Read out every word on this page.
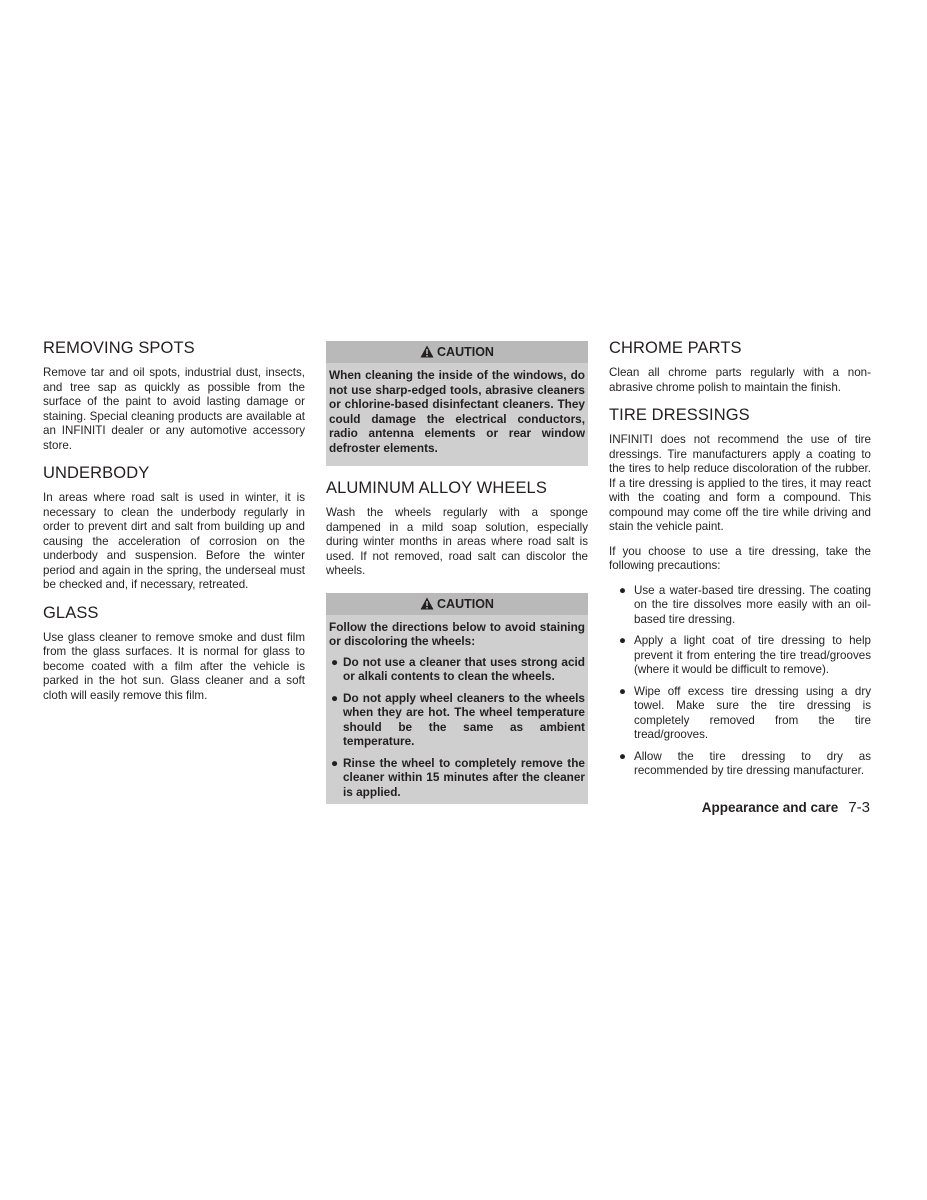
REMOVING SPOTS

Remove tar and oil spots, industrial dust, insects, and tree sap as quickly as possible from the surface of the paint to avoid lasting damage or staining. Special cleaning products are available at an INFINITI dealer or any automotive accessory store.

UNDERBODY

In areas where road salt is used in winter, it is necessary to clean the underbody regularly in order to prevent dirt and salt from building up and causing the acceleration of corrosion on the underbody and suspension. Before the winter period and again in the spring, the underseal must be checked and, if necessary, retreated.

GLASS

Use glass cleaner to remove smoke and dust film from the glass surfaces. It is normal for glass to become coated with a film after the vehicle is parked in the hot sun. Glass cleaner and a soft cloth will easily remove this film.

CAUTION

When cleaning the inside of the windows, do not use sharp-edged tools, abrasive cleaners or chlorine-based disinfectant cleaners. They could damage the electrical conductors, radio antenna elements or rear window defroster elements.

ALUMINUM ALLOY WHEELS

Wash the wheels regularly with a sponge dampened in a mild soap solution, especially during winter months in areas where road salt is used. If not removed, road salt can discolor the wheels.

CAUTION

Follow the directions below to avoid staining or discoloring the wheels:

● Do not use a cleaner that uses strong acid or alkali contents to clean the wheels.
● Do not apply wheel cleaners to the wheels when they are hot. The wheel temperature should be the same as ambient temperature.
● Rinse the wheel to completely remove the cleaner within 15 minutes after the cleaner is applied.
CHROME PARTS

Clean all chrome parts regularly with a non-abrasive chrome polish to maintain the finish.

TIRE DRESSINGS

INFINITI does not recommend the use of tire dressings. Tire manufacturers apply a coating to the tires to help reduce discoloration of the rubber. If a tire dressing is applied to the tires, it may react with the coating and form a compound. This compound may come off the tire while driving and stain the vehicle paint.

If you choose to use a tire dressing, take the following precautions:

● Use a water-based tire dressing. The coating on the tire dissolves more easily with an oil-based tire dressing.
● Apply a light coat of tire dressing to help prevent it from entering the tire tread/grooves (where it would be difficult to remove).
● Wipe off excess tire dressing using a dry towel. Make sure the tire dressing is completely removed from the tire tread/grooves.
● Allow the tire dressing to dry as recommended by tire dressing manufacturer.
Appearance and care 7-3
